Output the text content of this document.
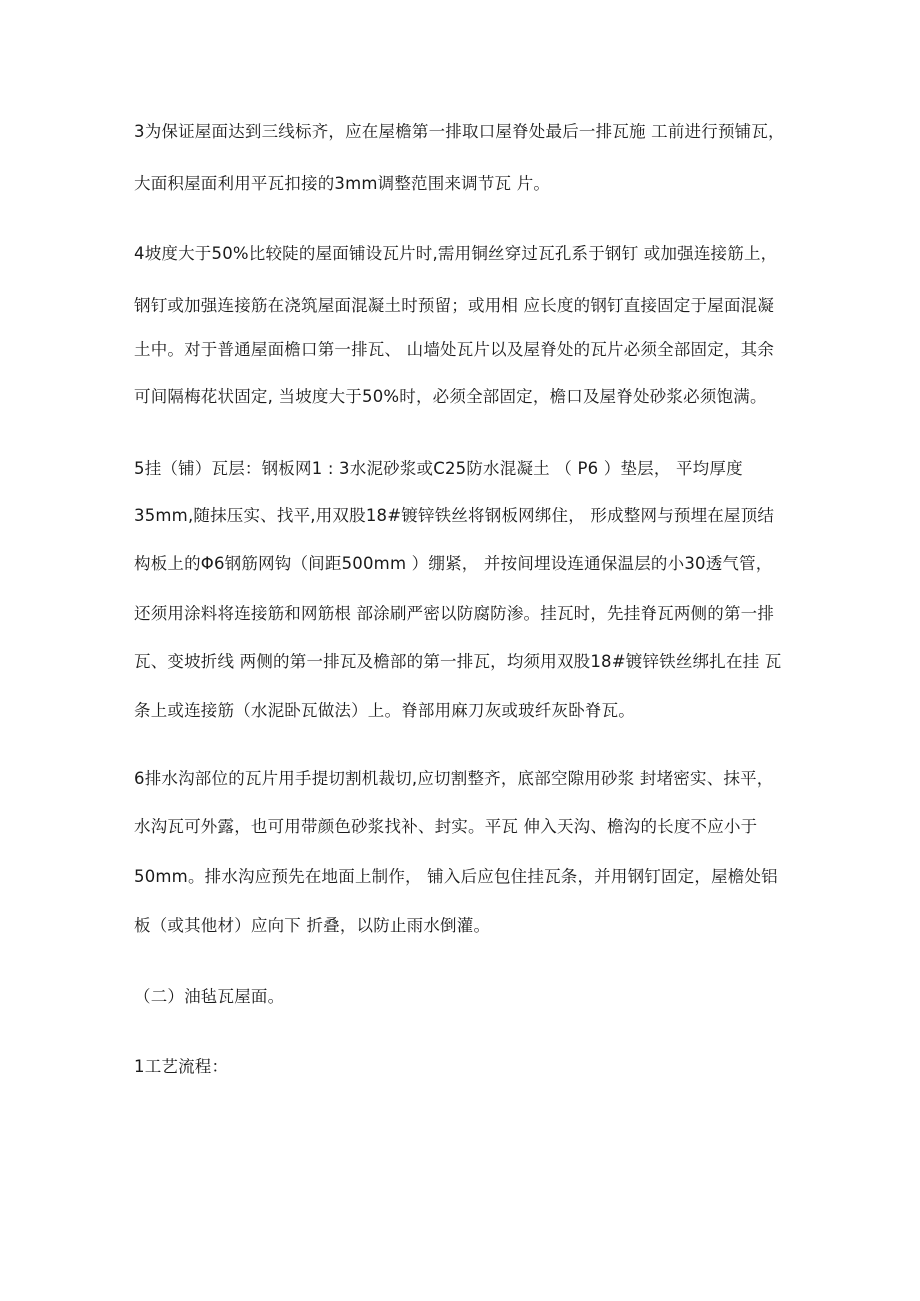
3为保证屋面达到三线标齐，应在屋檐第一排取口屋脊处最后一排瓦施 工前进行预铺瓦，
大面积屋面利用平瓦扣接的3mm调整范围来调节瓦 片。
4坡度大于50%比较陡的屋面铺设瓦片时,需用铜丝穿过瓦孔系于钢钉 或加强连接筋上，
钢钉或加强连接筋在浇筑屋面混凝土时预留；或用相 应长度的钢钉直接固定于屋面混凝
土中。对于普通屋面檐口第一排瓦、 山墙处瓦片以及屋脊处的瓦片必须全部固定，其余
可间隔梅花状固定, 当坡度大于50%时，必须全部固定，檐口及屋脊处砂浆必须饱满。
5挂（铺）瓦层：钢板网1 : 3水泥砂浆或C25防水混凝土 （ P6 ）垫层， 平均厚度
35mm,随抹压实、找平,用双股18#镀锌铁丝将钢板网绑住， 形成整网与预埋在屋顶结
构板上的Φ6钢筋网钩（间距500mm ）绷紧， 并按间埋设连通保温层的小30透气管，
还须用涂料将连接筋和网筋根 部涂刷严密以防腐防渗。挂瓦时，先挂脊瓦两侧的第一排
瓦、变坡折线 两侧的第一排瓦及檐部的第一排瓦，均须用双股18#镀锌铁丝绑扎在挂 瓦
条上或连接筋（水泥卧瓦做法）上。脊部用麻刀灰或玻纤灰卧脊瓦。
6排水沟部位的瓦片用手提切割机裁切,应切割整齐，底部空隙用砂浆 封堵密实、抹平，
水沟瓦可外露，也可用带颜色砂浆找补、封实。平瓦 伸入天沟、檐沟的长度不应小于
50mm。排水沟应预先在地面上制作， 铺入后应包住挂瓦条，并用钢钉固定，屋檐处铝
板（或其他材）应向下 折叠，以防止雨水倒灌。
（二）油毡瓦屋面。
1工艺流程：
